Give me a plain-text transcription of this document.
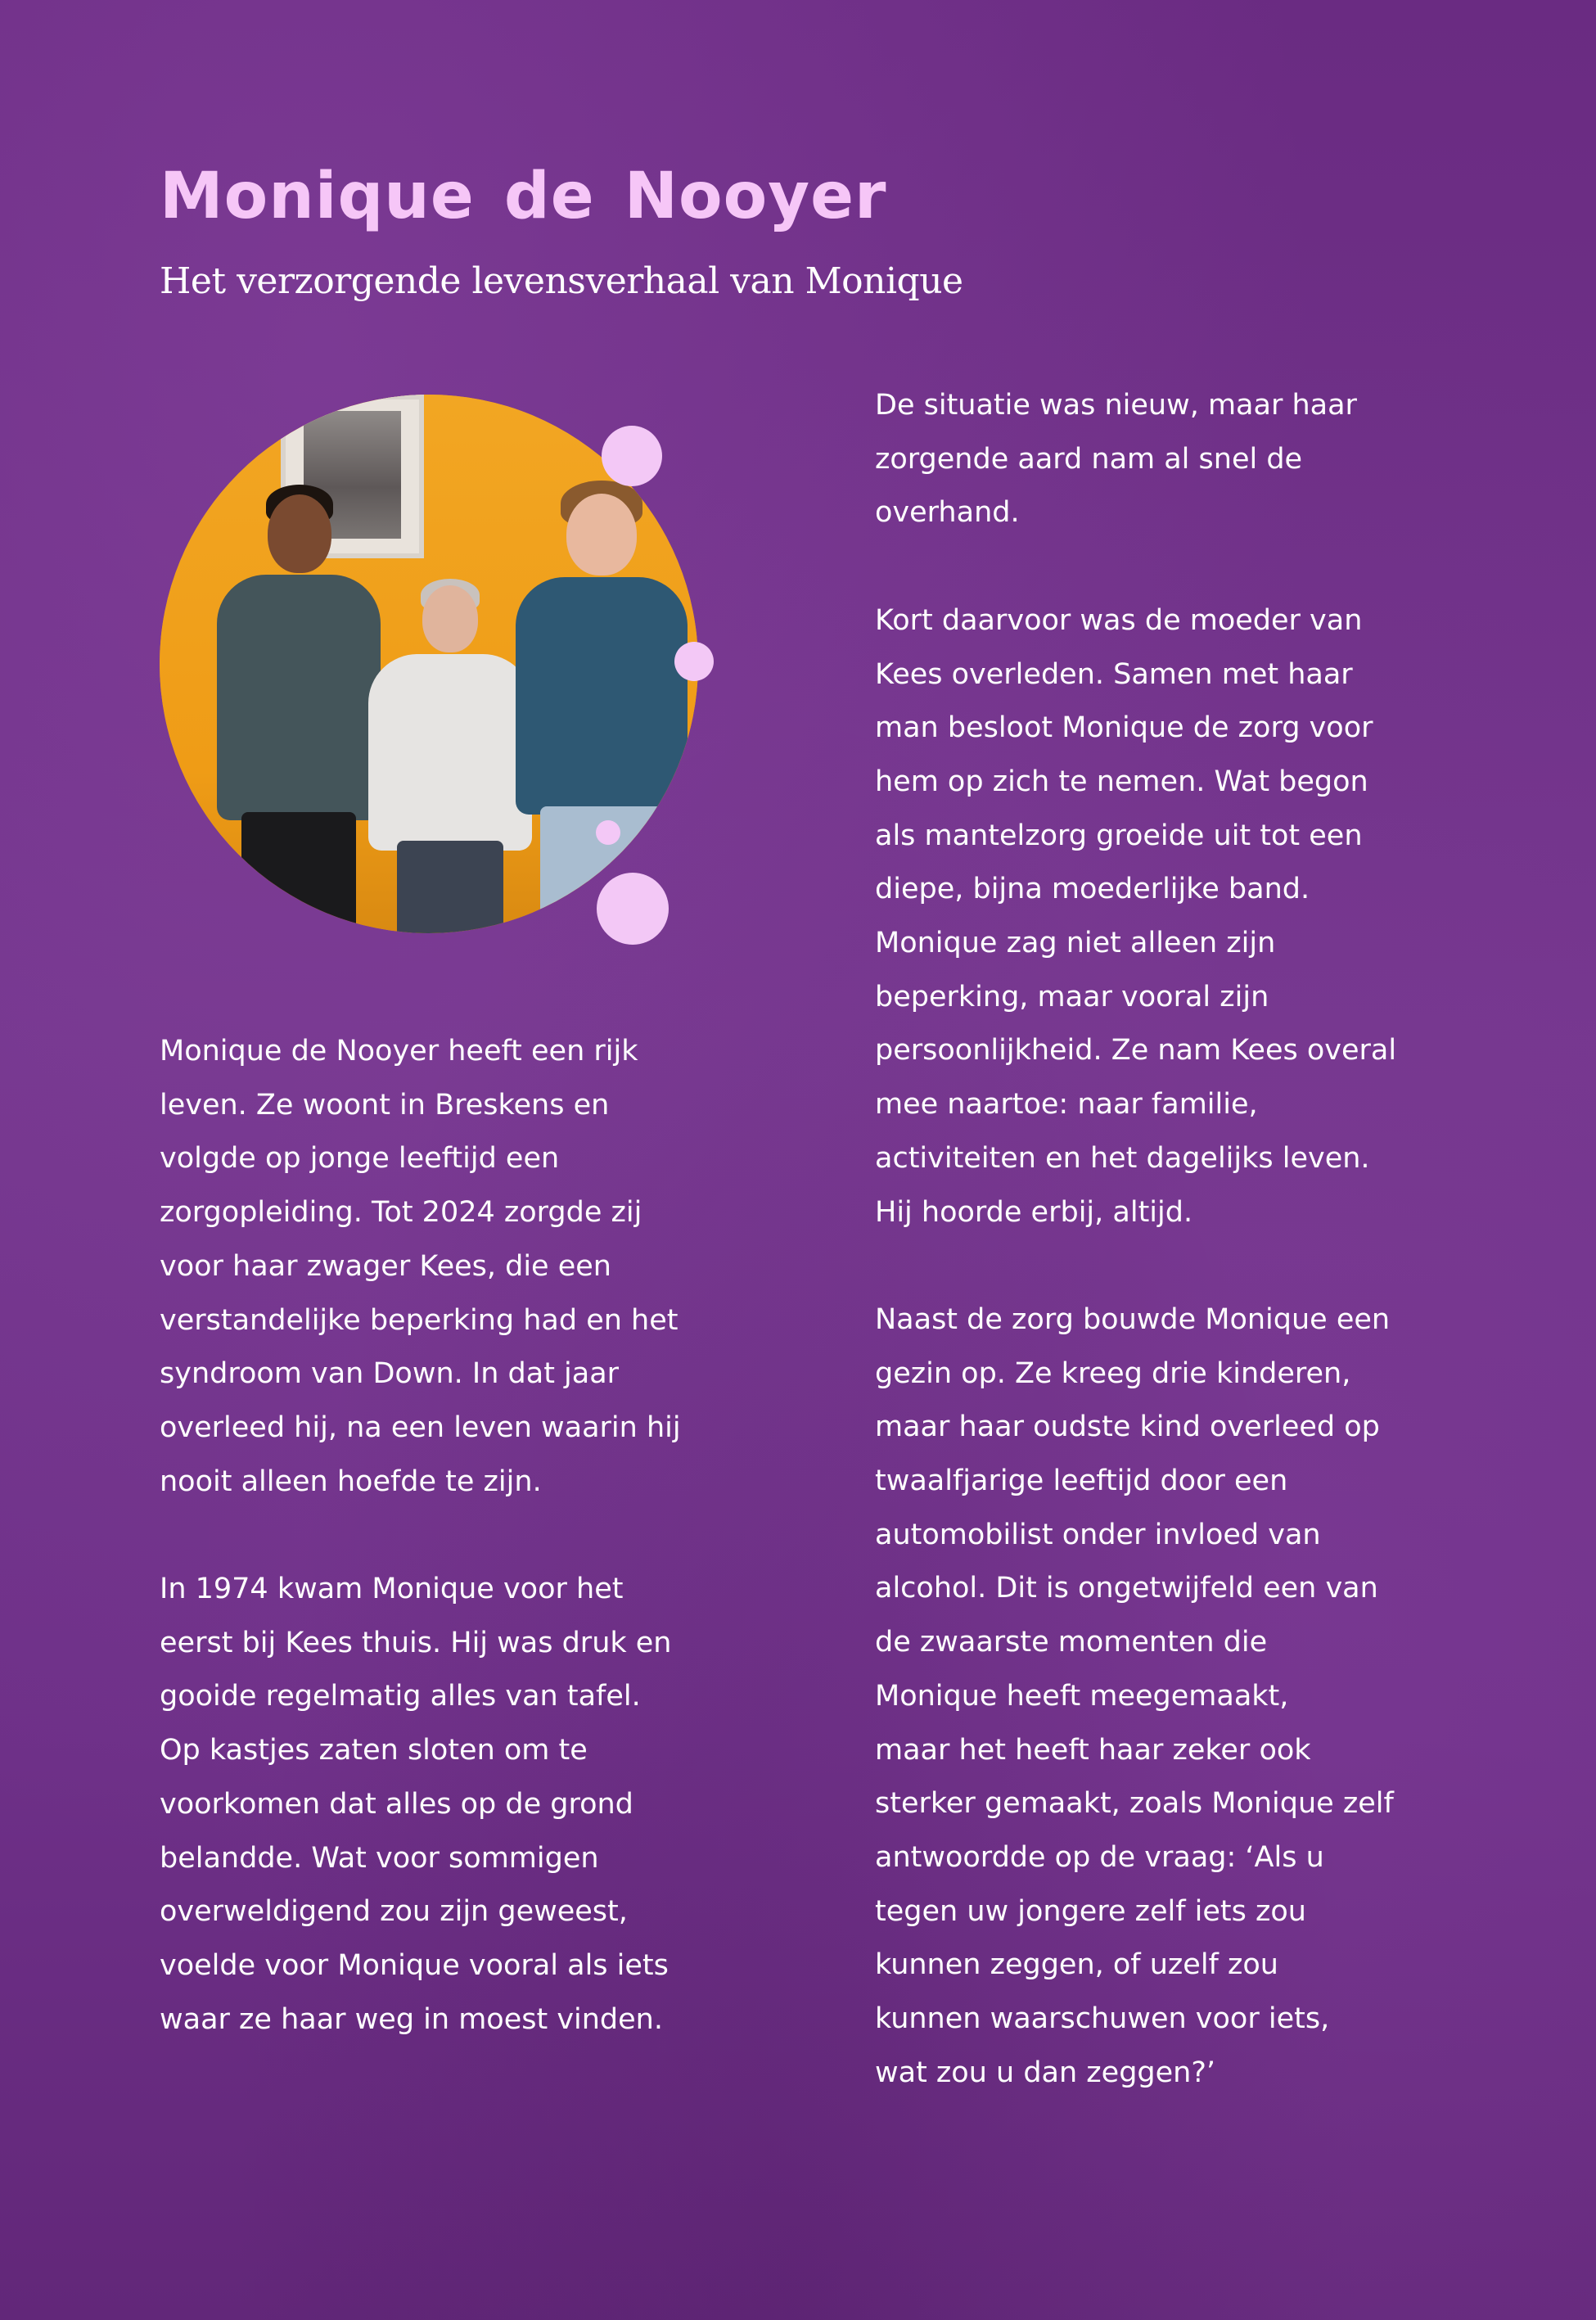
Monique de Nooyer

Het verzorgende levensverhaal van Monique

Monique de Nooyer heeft een rijk
leven. Ze woont in Breskens en
volgde op jonge leeftijd een
zorgopleiding. Tot 2024 zorgde zij
voor haar zwager Kees, die een
verstandelijke beperking had en het
syndroom van Down. In dat jaar
overleed hij, na een leven waarin hij
nooit alleen hoefde te zijn.

In 1974 kwam Monique voor het
eerst bij Kees thuis. Hij was druk en
gooide regelmatig alles van tafel.
Op kastjes zaten sloten om te
voorkomen dat alles op de grond
belandde. Wat voor sommigen
overweldigend zou zijn geweest,
voelde voor Monique vooral als iets
waar ze haar weg in moest vinden.

De situatie was nieuw, maar haar
zorgende aard nam al snel de
overhand.

Kort daarvoor was de moeder van
Kees overleden. Samen met haar
man besloot Monique de zorg voor
hem op zich te nemen. Wat begon
als mantelzorg groeide uit tot een
diepe, bijna moederlijke band.
Monique zag niet alleen zijn
beperking, maar vooral zijn
persoonlijkheid. Ze nam Kees overal
mee naartoe: naar familie,
activiteiten en het dagelijks leven.
Hij hoorde erbij, altijd.

Naast de zorg bouwde Monique een
gezin op. Ze kreeg drie kinderen,
maar haar oudste kind overleed op
twaalfjarige leeftijd door een
automobilist onder invloed van
alcohol. Dit is ongetwijfeld een van
de zwaarste momenten die
Monique heeft meegemaakt,
maar het heeft haar zeker ook
sterker gemaakt, zoals Monique zelf
antwoordde op de vraag: ‘Als u
tegen uw jongere zelf iets zou
kunnen zeggen, of uzelf zou
kunnen waarschuwen voor iets,
wat zou u dan zeggen?’
